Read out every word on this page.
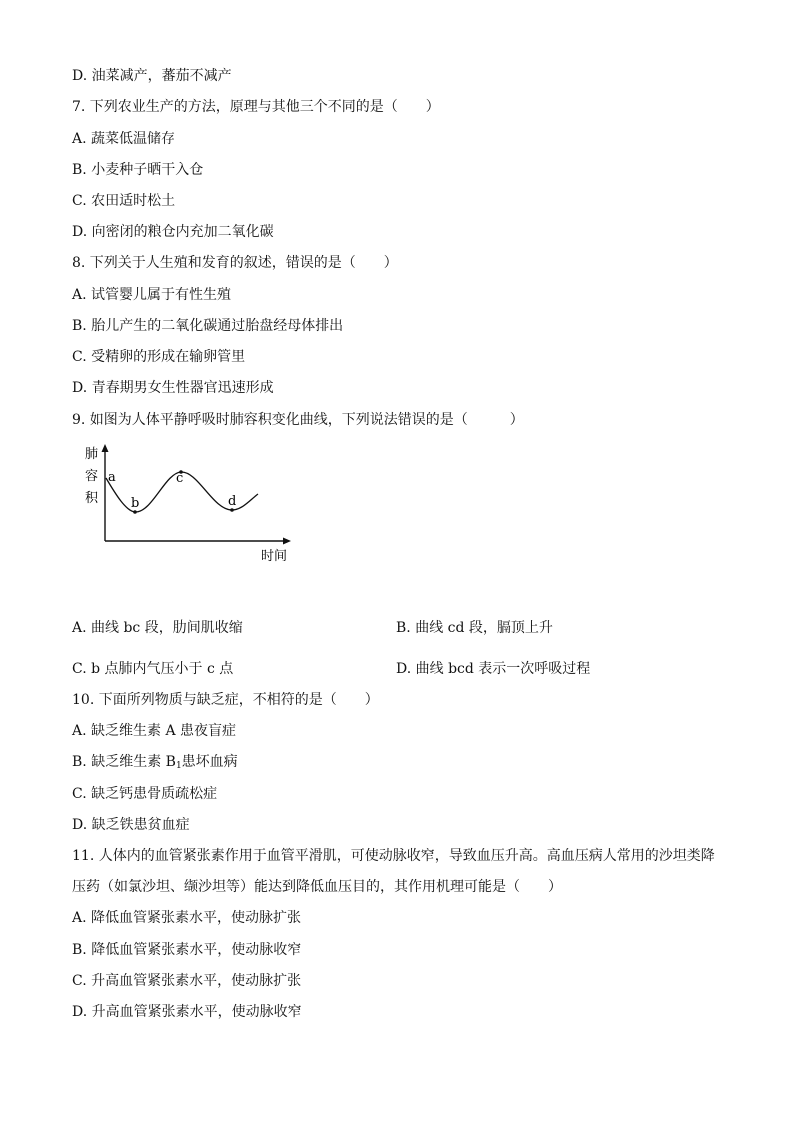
D. 油菜减产，蕃茄不减产
7. 下列农业生产的方法，原理与其他三个不同的是（　　）
A. 蔬菜低温储存
B. 小麦种子晒干入仓
C. 农田适时松土
D. 向密闭的粮仓内充加二氧化碳
8. 下列关于人生殖和发育的叙述，错误的是（　　）
A. 试管婴儿属于有性生殖
B. 胎儿产生的二氧化碳通过胎盘经母体排出
C. 受精卵的形成在输卵管里
D. 青春期男女生性器官迅速形成
9. 如图为人体平静呼吸时肺容积变化曲线，下列说法错误的是（　　　）
肺
容
积
a
b
c
d
时间
A. 曲线 bc 段，肋间肌收缩	B. 曲线 cd 段，膈顶上升
C. b 点肺内气压小于 c 点	D. 曲线 bcd 表示一次呼吸过程
10. 下面所列物质与缺乏症，不相符的是（　　）
A. 缺乏维生素 A 患夜盲症
B. 缺乏维生素 $B_1$患坏血病
C. 缺乏钙患骨质疏松症
D. 缺乏铁患贫血症
11. 人体内的血管紧张素作用于血管平滑肌，可使动脉收窄，导致血压升高。高血压病人常用的沙坦类降
压药（如氯沙坦、缬沙坦等）能达到降低血压目的，其作用机理可能是（　　）
A. 降低血管紧张素水平，使动脉扩张
B. 降低血管紧张素水平，使动脉收窄
C. 升高血管紧张素水平，使动脉扩张
D. 升高血管紧张素水平，使动脉收窄
